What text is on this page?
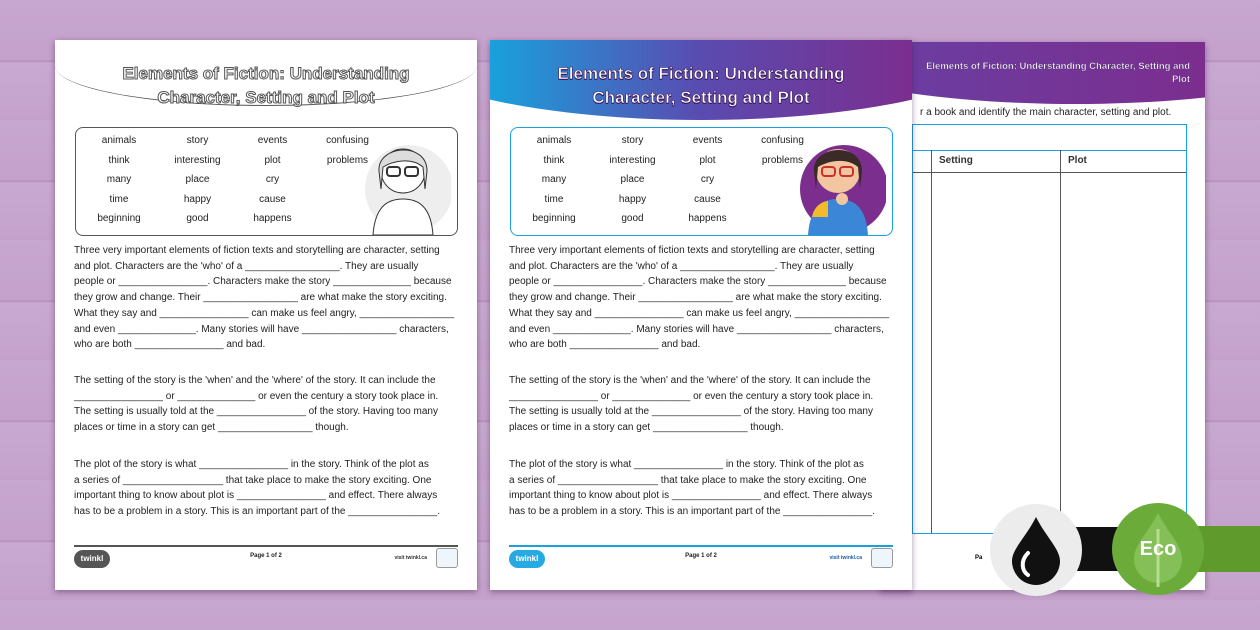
Elements of Fiction: Understanding
Character, Setting and Plot
animals	story	events	confusing
think	interesting	plot	problems
many	place	cry
time	happy	cause
beginning	good	happens
Three very important elements of fiction texts and storytelling are character, setting
and plot. Characters are the 'who' of a _________________. They are usually
people or ________________. Characters make the story ______________ because
they grow and change. Their _________________ are what make the story exciting.
What they say and ________________ can make us feel angry, _________________
and even ______________. Many stories will have _________________ characters,
who are both ________________ and bad.
The setting of the story is the 'when' and the 'where' of the story. It can include the
________________ or ______________ or even the century a story took place in.
The setting is usually told at the ________________ of the story. Having too many
places or time in a story can get _________________ though.
The plot of the story is what ________________ in the story. Think of the plot as
a series of __________________ that take place to make the story exciting. One
important thing to know about plot is ________________ and effect. There always
has to be a problem in a story. This is an important part of the ________________.
twinkl	Page 1 of 2	visit twinkl.ca
Elements of Fiction: Understanding
Character, Setting and Plot
animals	story	events	confusing
think	interesting	plot	problems
many	place	cry
time	happy	cause
beginning	good	happens
Three very important elements of fiction texts and storytelling are character, setting
and plot. Characters are the 'who' of a _________________. They are usually
people or ________________. Characters make the story ______________ because
they grow and change. Their _________________ are what make the story exciting.
What they say and ________________ can make us feel angry, _________________
and even ______________. Many stories will have _________________ characters,
who are both ________________ and bad.
The setting of the story is the 'when' and the 'where' of the story. It can include the
________________ or ______________ or even the century a story took place in.
The setting is usually told at the ________________ of the story. Having too many
places or time in a story can get _________________ though.
The plot of the story is what ________________ in the story. Think of the plot as
a series of __________________ that take place to make the story exciting. One
important thing to know about plot is ________________ and effect. There always
has to be a problem in a story. This is an important part of the ________________.
twinkl	Page 1 of 2	visit twinkl.ca
Elements of Fiction: Understanding Character, Setting and Plot
r a book and identify the main character, setting and plot.
Setting	Plot
Pa	Eco
